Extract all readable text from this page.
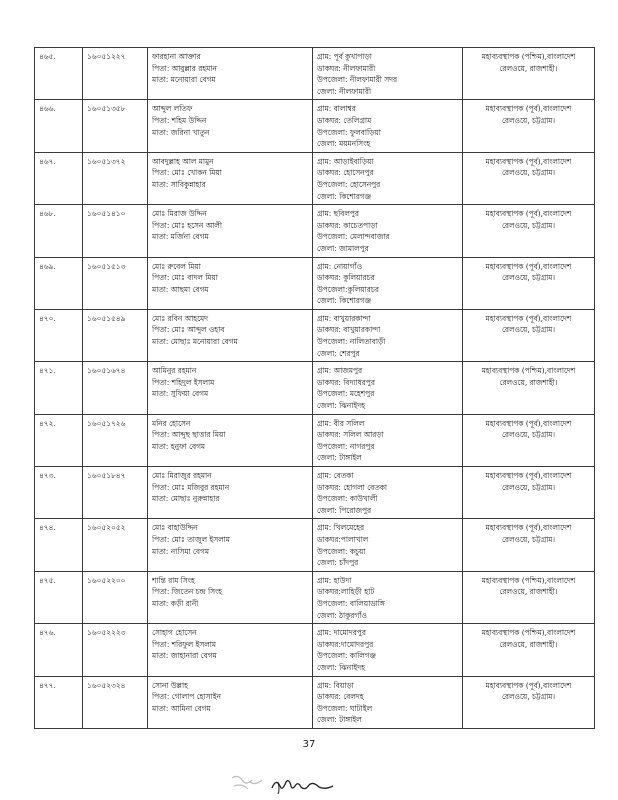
৪৬৫.	১৬০৫১২২৭	ফারহানা আক্তার
পিতা: আবুল্লার রহমান
মাতা: মনোয়ারা বেগম	গ্রাম: পূর্ব কুখাপাড়া
ডাকঘর: নীলফামারী
উপজেলা: নীলফামারী সদর
জেলা: নীলফামারী	মহাব্যবস্থাপক (পশ্চিম),বাংলাদেশ
রেলওয়ে, রাজশাহী।

৪৬৬.	১৬০৫১৩৫৮	আব্দুল লতিফ
পিতা: শহিম উদ্দিন
মাতা: জরিনা খাতুন	গ্রাম: বালাশ্বর
ডাকঘর: তেলিগ্রাম
উপজেলা: ফুলবাড়িয়া
জেলা: ময়মনসিংহ	মহাব্যবস্থাপক (পূর্ব),বাংলাদেশ
রেলওয়ে, চট্টগ্রাম।

৪৬৭.	১৬০৫১৩৭২	আবদুল্লাহ আল মামুন
পিতা: মোঃ খোকন মিয়া
মাতা: সাবিকুন্নাহার	গ্রাম: আড়াইবাড়িয়া
ডাকঘর: হোসেনপুর
উপজেলা: হোসেনপুর
জেলা: কিশোরগঞ্জ	মহাব্যবস্থাপক (পূর্ব),বাংলাদেশ
রেলওয়ে, চট্টগ্রাম।

৪৬৮.	১৬০৫১৪১০	মোঃ মিরাজ উদ্দিন
পিতা: মোঃ হসেন আলী
মাতা: মর্জিনা বেগম	গ্রাম: ছবিলপুর
ডাকঘর: কাচেতপাড়া
উপজেলা: মেলান্দবাজার
জেলা: জামালপুর	মহাব্যবস্থাপক (পূর্ব),বাংলাদেশ
রেলওয়ে, চট্টগ্রাম।

৪৬৯.	১৬০৫১৫১৩	মোঃ রুবেল মিয়া
পিতা: মোঃ বাদল মিয়া
মাতা: আছমা বেগম	গ্রাম: নোয়াগাঁও
ডাকঘর: কুলিয়ারচর
উপজেলা:কুলিয়ারচর
জেলা: কিশোরগঞ্জ	মহাব্যবস্থাপক (পূর্ব),বাংলাদেশ
রেলওয়ে, চট্টগ্রাম।

৪৭০.	১৬০৫১৫৪৯	মোঃ রবিন আহমেদ
পিতা: মোঃ আব্দুল ওহাব
মাতা: মোছাঃ মনোয়ারা বেগম	গ্রাম: বাখুয়ারকান্দা
ডাকঘর: বাখুয়ারকান্দা
উপজেলা: নালিতাবাড়ী
জেলা: শেরপুর	মহাব্যবস্থাপক (পূর্ব),বাংলাদেশ
রেলওয়ে, চট্টগ্রাম।

৪৭১.	১৬০৫১৬৭৪	আমিনুর রহমান
পিতা: শহিদুল ইসলাম
মাতা: সুফিয়া বেগম	গ্রাম: আজমপুর
ডাকঘর: বিদ্যাধরপুর
উপজেলা: মহেশপুর
জেলা: ঝিনাইদহ	মহাব্যবস্থাপক (পশ্চিম),বাংলাদেশ
রেলওয়ে, রাজশাহী।

৪৭২.	১৬০৫১৭২৬	মনির হোসেন
পিতা: আব্দুছ ছাত্তার মিয়া
মাতা: হনুফা বেগম	গ্রাম: বীর সলিল
ডাকঘর: সলিল আরড়া
উপজেলা: নাগরপুর
জেলা: টাঙ্গাইল	মহাব্যবস্থাপক (পূর্ব),বাংলাদেশ
রেলওয়ে, চট্টগ্রাম।

৪৭৩.	১৬০৫১৮৪৭	মোঃ মিরাজুর রহমান
পিতা: মোঃ মজিবুর রহমান
মাতা: মোছাঃ নুরুন্নাহার	গ্রাম: বেতকা
ডাকঘর: হোগলা বেতকা
উপজেলা: কাউখালী
জেলা: পিরোজপুর	মহাব্যবস্থাপক (পূর্ব),বাংলাদেশ
রেলওয়ে, চট্টগ্রাম।

৪৭৪.	১৬০৫২০৫২	মোঃ বাহাউদ্দিন
পিতা: মোঃ তাজুল ইসলাম
মাতা: নাসিমা বেগম	গ্রাম: খিলমেহের
ডাকঘর:পালাখাল
উপজেলা: কচুয়া
জেলা: চাঁদপুর	মহাব্যবস্থাপক (পূর্ব),বাংলাদেশ
রেলওয়ে, চট্টগ্রাম।

৪৭৫.	১৬০৫২২০০	শান্তি রাম সিংহ
পিতা: জিতেন চন্দ্র সিংহ
মাতা: কড়ী রানী	গ্রাম: হাউদা
ডাকঘর:লাহিড়ী হাট
উপজেলা: বালিয়াডাঙ্গি
জেলা: ঠাকুরগাঁও	মহাব্যবস্থাপক (পশ্চিম),বাংলাদেশ
রেলওয়ে, রাজশাহী।

৪৭৬.	১৬০৫২২২৩	সোহাগ হোসেন
পিতা: শরিফুল ইসলাম
মাতা: জাহানারা বেগম	গ্রাম: দামোদরপুর
ডাকঘর:দামোদরপুর
উপজেলা: কালিগঞ্জ
জেলা: ঝিনাইদহ	মহাব্যবস্থাপক (পশ্চিম),বাংলাদেশ
রেলওয়ে, রাজশাহী।

৪৭৭.	১৬০৫২৩২৪	সোনা উল্লাহ
পিতা: গোলাপ হোসাইন
মাতা: আমিনা বেগম	গ্রাম: বিয়াড়া
ডাকঘর: বেলদহ
উপজেলা: ঘাটাইল
জেলা: টাঙ্গাইল	মহাব্যবস্থাপক (পূর্ব),বাংলাদেশ
রেলওয়ে, চট্টগ্রাম।
37
